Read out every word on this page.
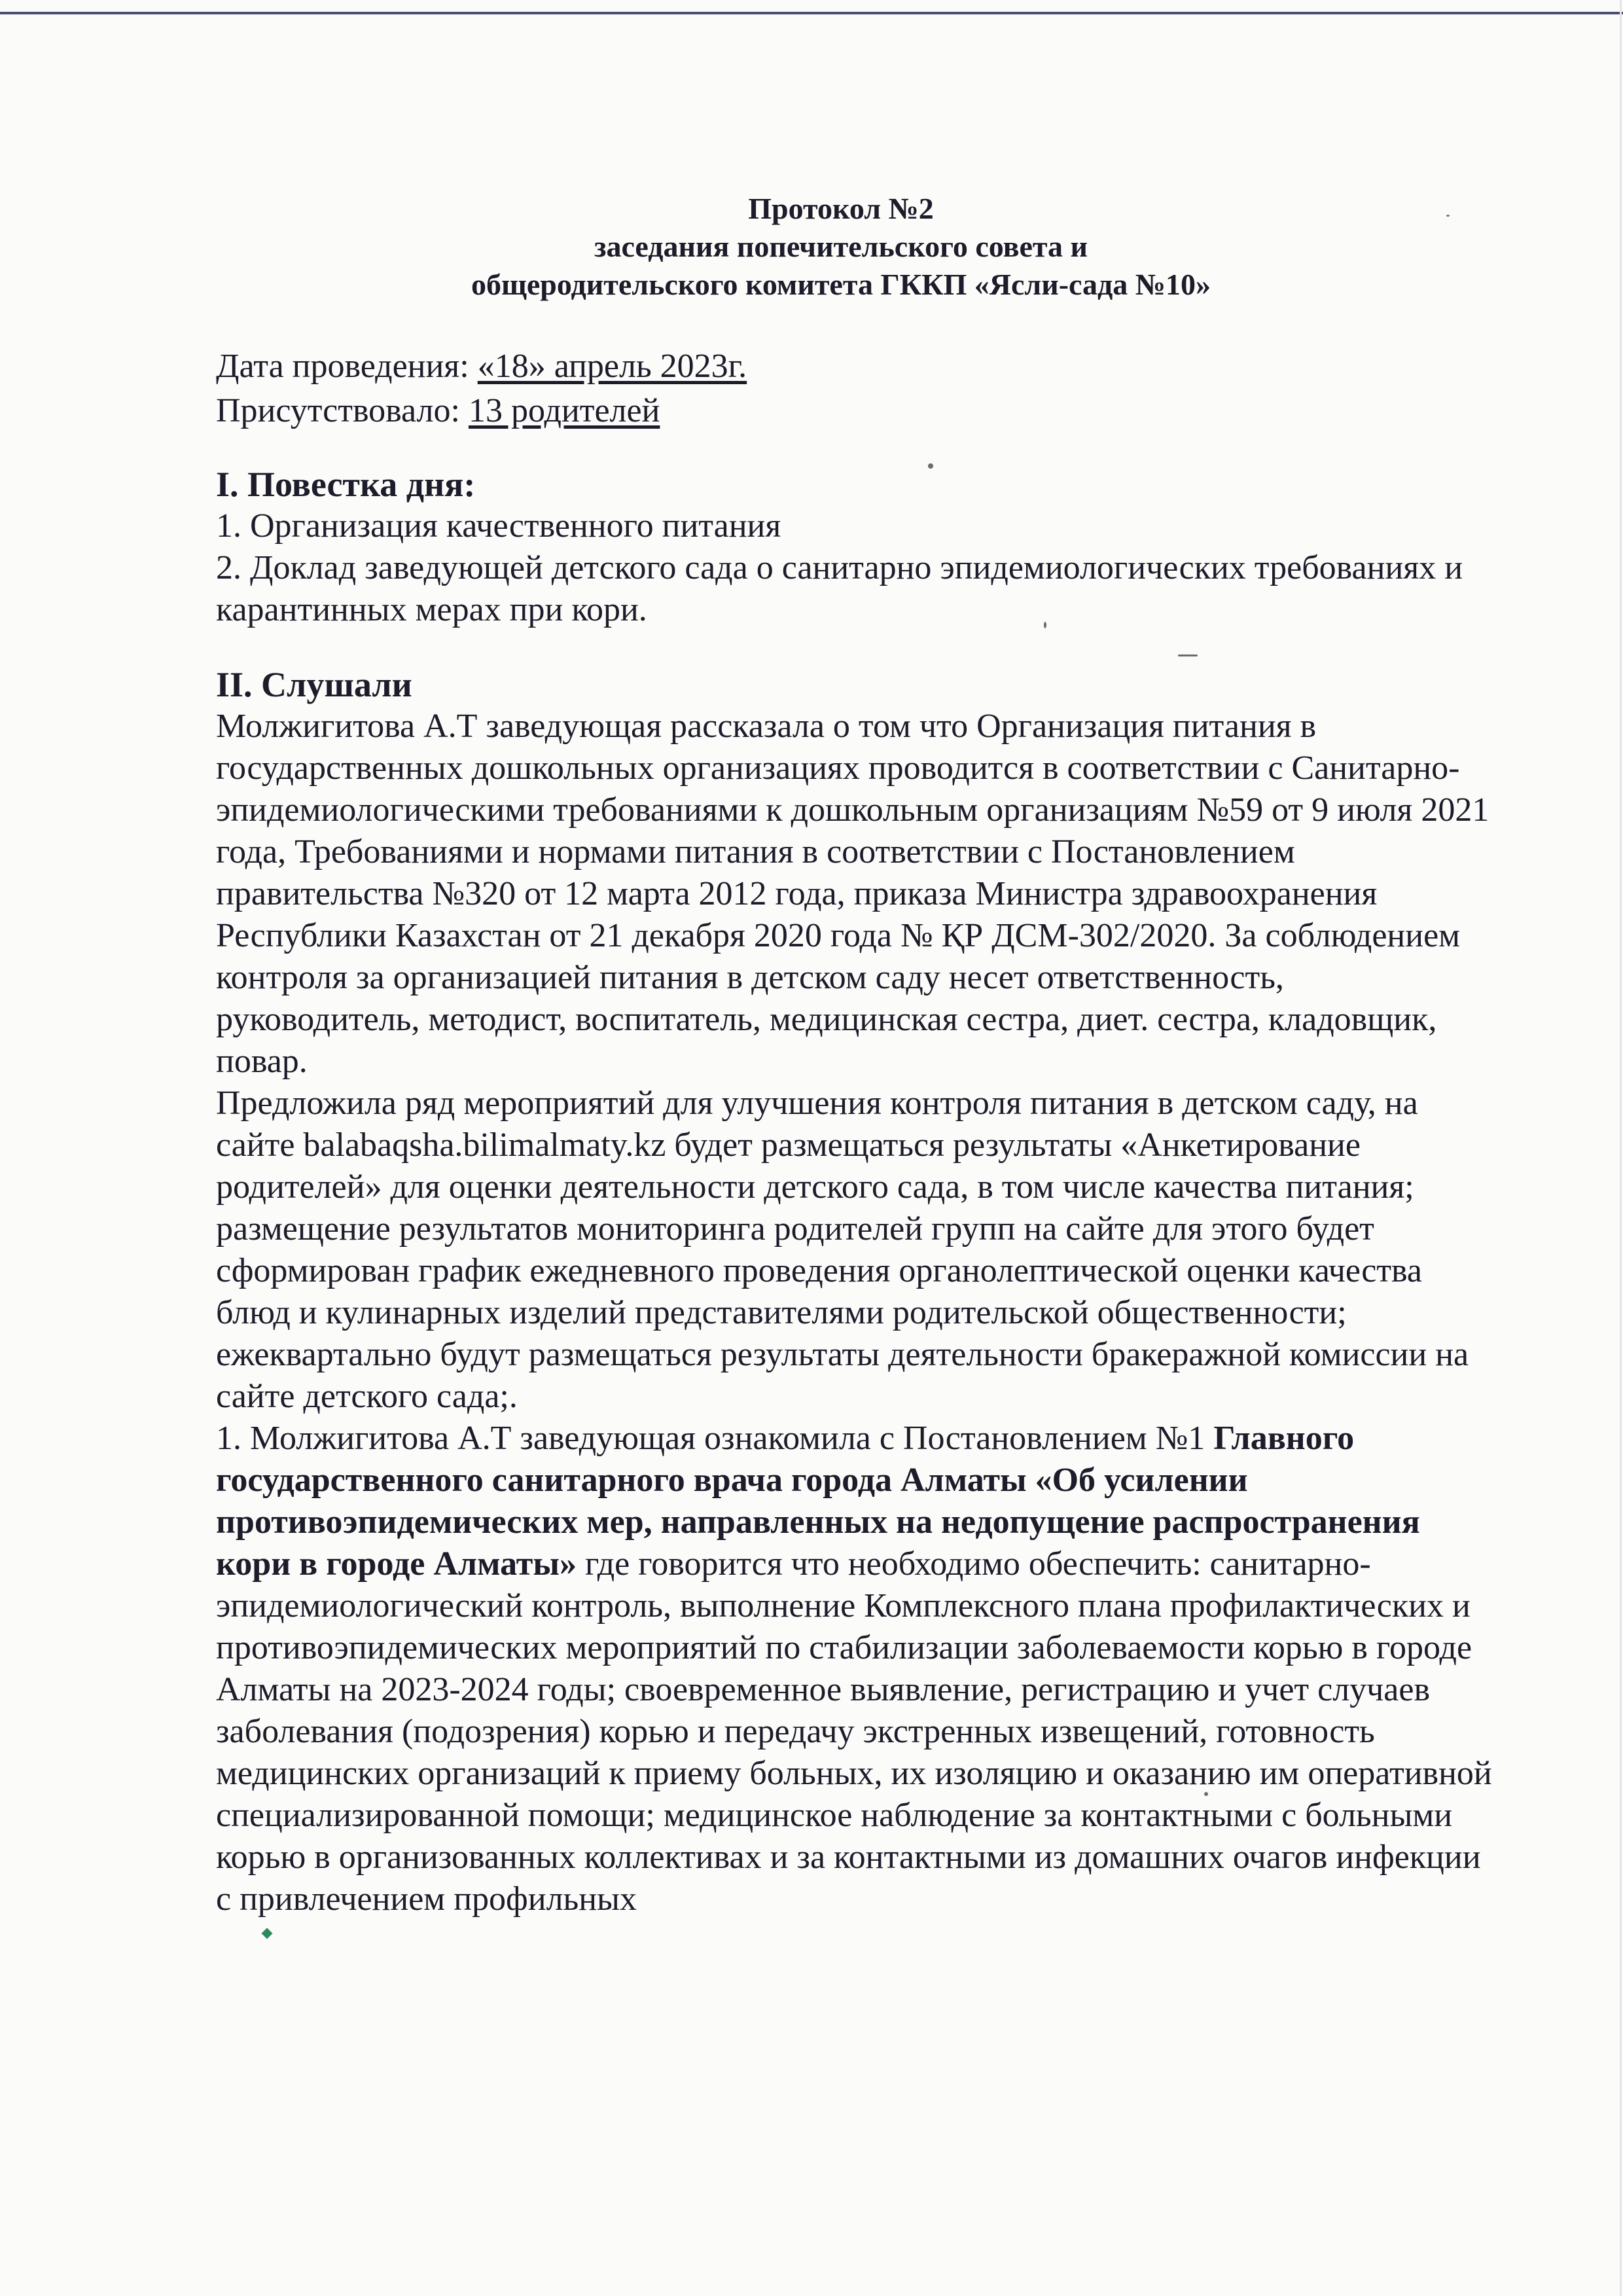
Протокол №2
заседания попечительского совета и
общеродительского комитета ГККП «Ясли-сада №10»
Дата проведения: «18» апрель 2023г.
Присутствовало: 13 родителей
I. Повестка дня:
1. Организация качественного питания
2. Доклад заведующей детского сада о санитарно эпидемиологических требованиях и карантинных мерах при кори.
II. Слушали

Молжигитова А.Т заведующая рассказала о том что Организация питания в государственных дошкольных организациях проводится в соответствии с Санитарно-эпидемиологическими требованиями к дошкольным организациям №59 от 9 июля 2021 года, Требованиями и нормами питания в соответствии с Постановлением правительства №320 от 12 марта 2012 года, приказа Министра здравоохранения Республики Казахстан от 21 декабря 2020 года № ҚР ДСМ-302/2020. За соблюдением контроля за организацией питания в детском саду несет ответственность, руководитель, методист, воспитатель, медицинская сестра, диет. сестра, кладовщик, повар.

Предложила ряд мероприятий для улучшения контроля питания в детском саду, на сайте balabaqsha.bilimalmaty.kz будет размещаться результаты «Анкетирование родителей» для оценки деятельности детского сада, в том числе качества питания; размещение результатов мониторинга родителей групп на сайте для этого будет сформирован график ежедневного проведения органолептической оценки качества блюд и кулинарных изделий представителями родительской общественности; ежеквартально будут размещаться результаты деятельности бракеражной комиссии на сайте детского сада;.

1. Молжигитова А.Т заведующая ознакомила с Постановлением №1 Главного государственного санитарного врача города Алматы «Об усилении противоэпидемических мер, направленных на недопущение распространения кори в городе Алматы» где говорится что необходимо обеспечить: санитарно- эпидемиологический контроль, выполнение Комплексного плана профилактических и противоэпидемических мероприятий по стабилизации заболеваемости корью в городе Алматы на 2023-2024 годы; своевременное выявление, регистрацию и учет случаев заболевания (подозрения) корью и передачу экстренных извещений, готовность медицинских организаций к приему больных, их изоляцию и оказанию им оперативной специализированной помощи; медицинское наблюдение за контактными с больными корью в организованных коллективах и за контактными из домашних очагов инфекции с привлечением профильных
